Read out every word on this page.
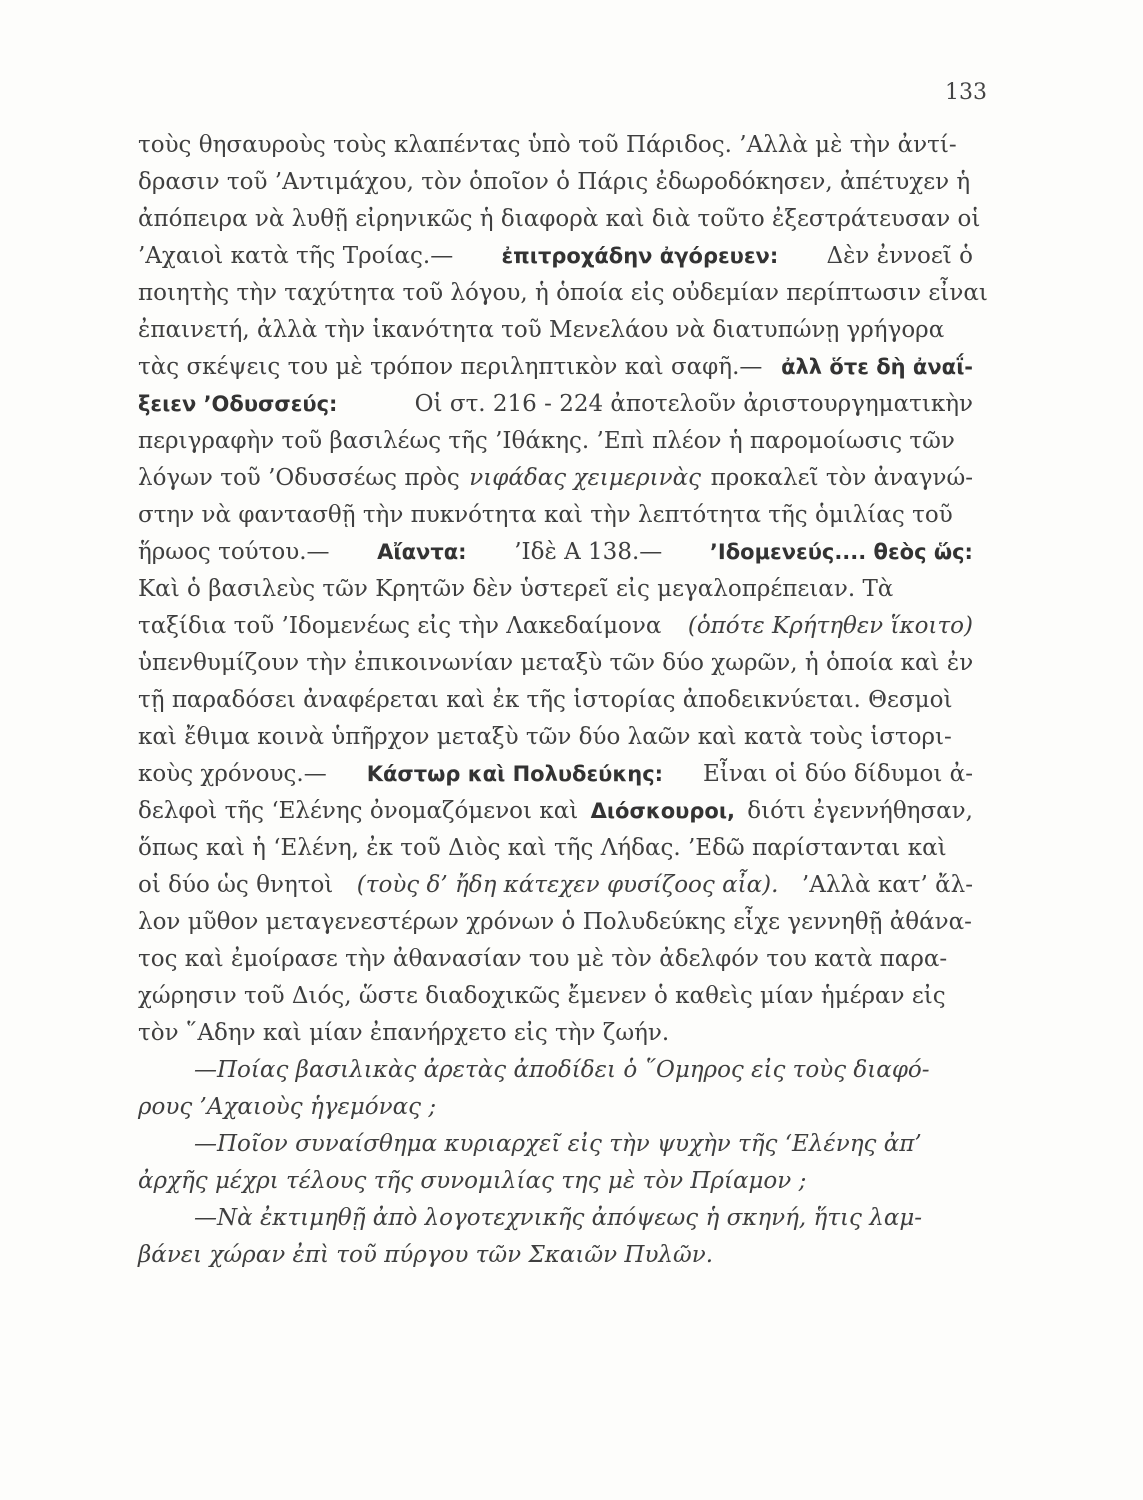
133
τοὺς θησαυροὺς τοὺς κλαπέντας ὑπὸ τοῦ Πάριδος. ’Αλλὰ μὲ τὴν ἀντί-
δρασιν τοῦ ’Αντιμάχου, τὸν ὁποῖον ὁ Πάρις ἐδωροδόκησεν, ἀπέτυχεν ἡ
ἀπόπειρα νὰ λυθῇ εἰρηνικῶς ἡ διαφορὰ καὶ διὰ τοῦτο ἐξεστράτευσαν οἱ
’Αχαιοὶ κατὰ τῆς Τροίας.— ἐπιτροχάδην ἀγόρευεν: Δὲν ἐννοεῖ ὁ
ποιητὴς τὴν ταχύτητα τοῦ λόγου, ἡ ὁποία εἰς οὐδεμίαν περίπτωσιν εἶναι
ἐπαινετή, ἀλλὰ τὴν ἱκανότητα τοῦ Μενελάου νὰ διατυπώνῃ γρήγορα
τὰς σκέψεις του μὲ τρόπον περιληπτικὸν καὶ σαφῆ.— ἀλλ ὅτε δὴ ἀναΐ-
ξειεν ’Οδυσσεύς:	Οἱ στ. 216 - 224 ἀποτελοῦν ἀριστουργηματικὴν
περιγραφὴν τοῦ βασιλέως τῆς ’Ιθάκης. ’Επὶ πλέον ἡ παρομοίωσις τῶν
λόγων τοῦ ’Οδυσσέως πρὸς νιφάδας χειμερινὰς προκαλεῖ τὸν ἀναγνώ-
στην νὰ φαντασθῇ τὴν πυκνότητα καὶ τὴν λεπτότητα τῆς ὁμιλίας τοῦ
ἥρωος τούτου.— Αἴαντα: ’Ιδὲ Α 138.— ’Ιδομενεύς.... θεὸς ὥς:
Καὶ ὁ βασιλεὺς τῶν Κρητῶν δὲν ὑστερεῖ εἰς μεγαλοπρέπειαν. Τὰ
ταξίδια τοῦ ’Ιδομενέως εἰς τὴν Λακεδαίμονα (ὁπότε Κρήτηθεν ἵκοιτο)
ὑπενθυμίζουν τὴν ἐπικοινωνίαν μεταξὺ τῶν δύο χωρῶν, ἡ ὁποία καὶ ἐν
τῇ παραδόσει ἀναφέρεται καὶ ἐκ τῆς ἱστορίας ἀποδεικνύεται. Θεσμοὶ
καὶ ἔθιμα κοινὰ ὑπῆρχον μεταξὺ τῶν δύο λαῶν καὶ κατὰ τοὺς ἱστορι-
κοὺς χρόνους.— Κάστωρ καὶ Πολυδεύκης: Εἶναι οἱ δύο δίδυμοι ἀ-
δελφοὶ τῆς ‘Ελένης ὀνομαζόμενοι καὶ Διόσκουροι, διότι ἐγεννήθησαν,
ὅπως καὶ ἡ ‘Ελένη, ἐκ τοῦ Διὸς καὶ τῆς Λήδας. ’Εδῶ παρίστανται καὶ
οἱ δύο ὡς θνητοὶ (τοὺς δ’ ἤδη κάτεχεν φυσίζοος αἶα). ’Αλλὰ κατ’ ἄλ-
λον μῦθον μεταγενεστέρων χρόνων ὁ Πολυδεύκης εἶχε γεννηθῇ ἀθάνα-
τος καὶ ἐμοίρασε τὴν ἀθανασίαν του μὲ τὸν ἀδελφόν του κατὰ παρα-
χώρησιν τοῦ Διός, ὥστε διαδοχικῶς ἔμενεν ὁ καθεὶς μίαν ἡμέραν εἰς
τὸν ῞Αδην καὶ μίαν ἐπανήρχετο εἰς τὴν ζωήν.
—Ποίας βασιλικὰς ἀρετὰς ἀποδίδει ὁ ῞Ομηρος εἰς τοὺς διαφό-
ρους ’Αχαιοὺς ἡγεμόνας ;
—Ποῖον συναίσθημα κυριαρχεῖ εἰς τὴν ψυχὴν τῆς ‘Ελένης ἀπ’
ἀρχῆς μέχρι τέλους τῆς συνομιλίας της μὲ τὸν Πρίαμον ;
—Νὰ ἐκτιμηθῇ ἀπὸ λογοτεχνικῆς ἀπόψεως ἡ σκηνή, ἥτις λαμ-
βάνει χώραν ἐπὶ τοῦ πύργου τῶν Σκαιῶν Πυλῶν.
